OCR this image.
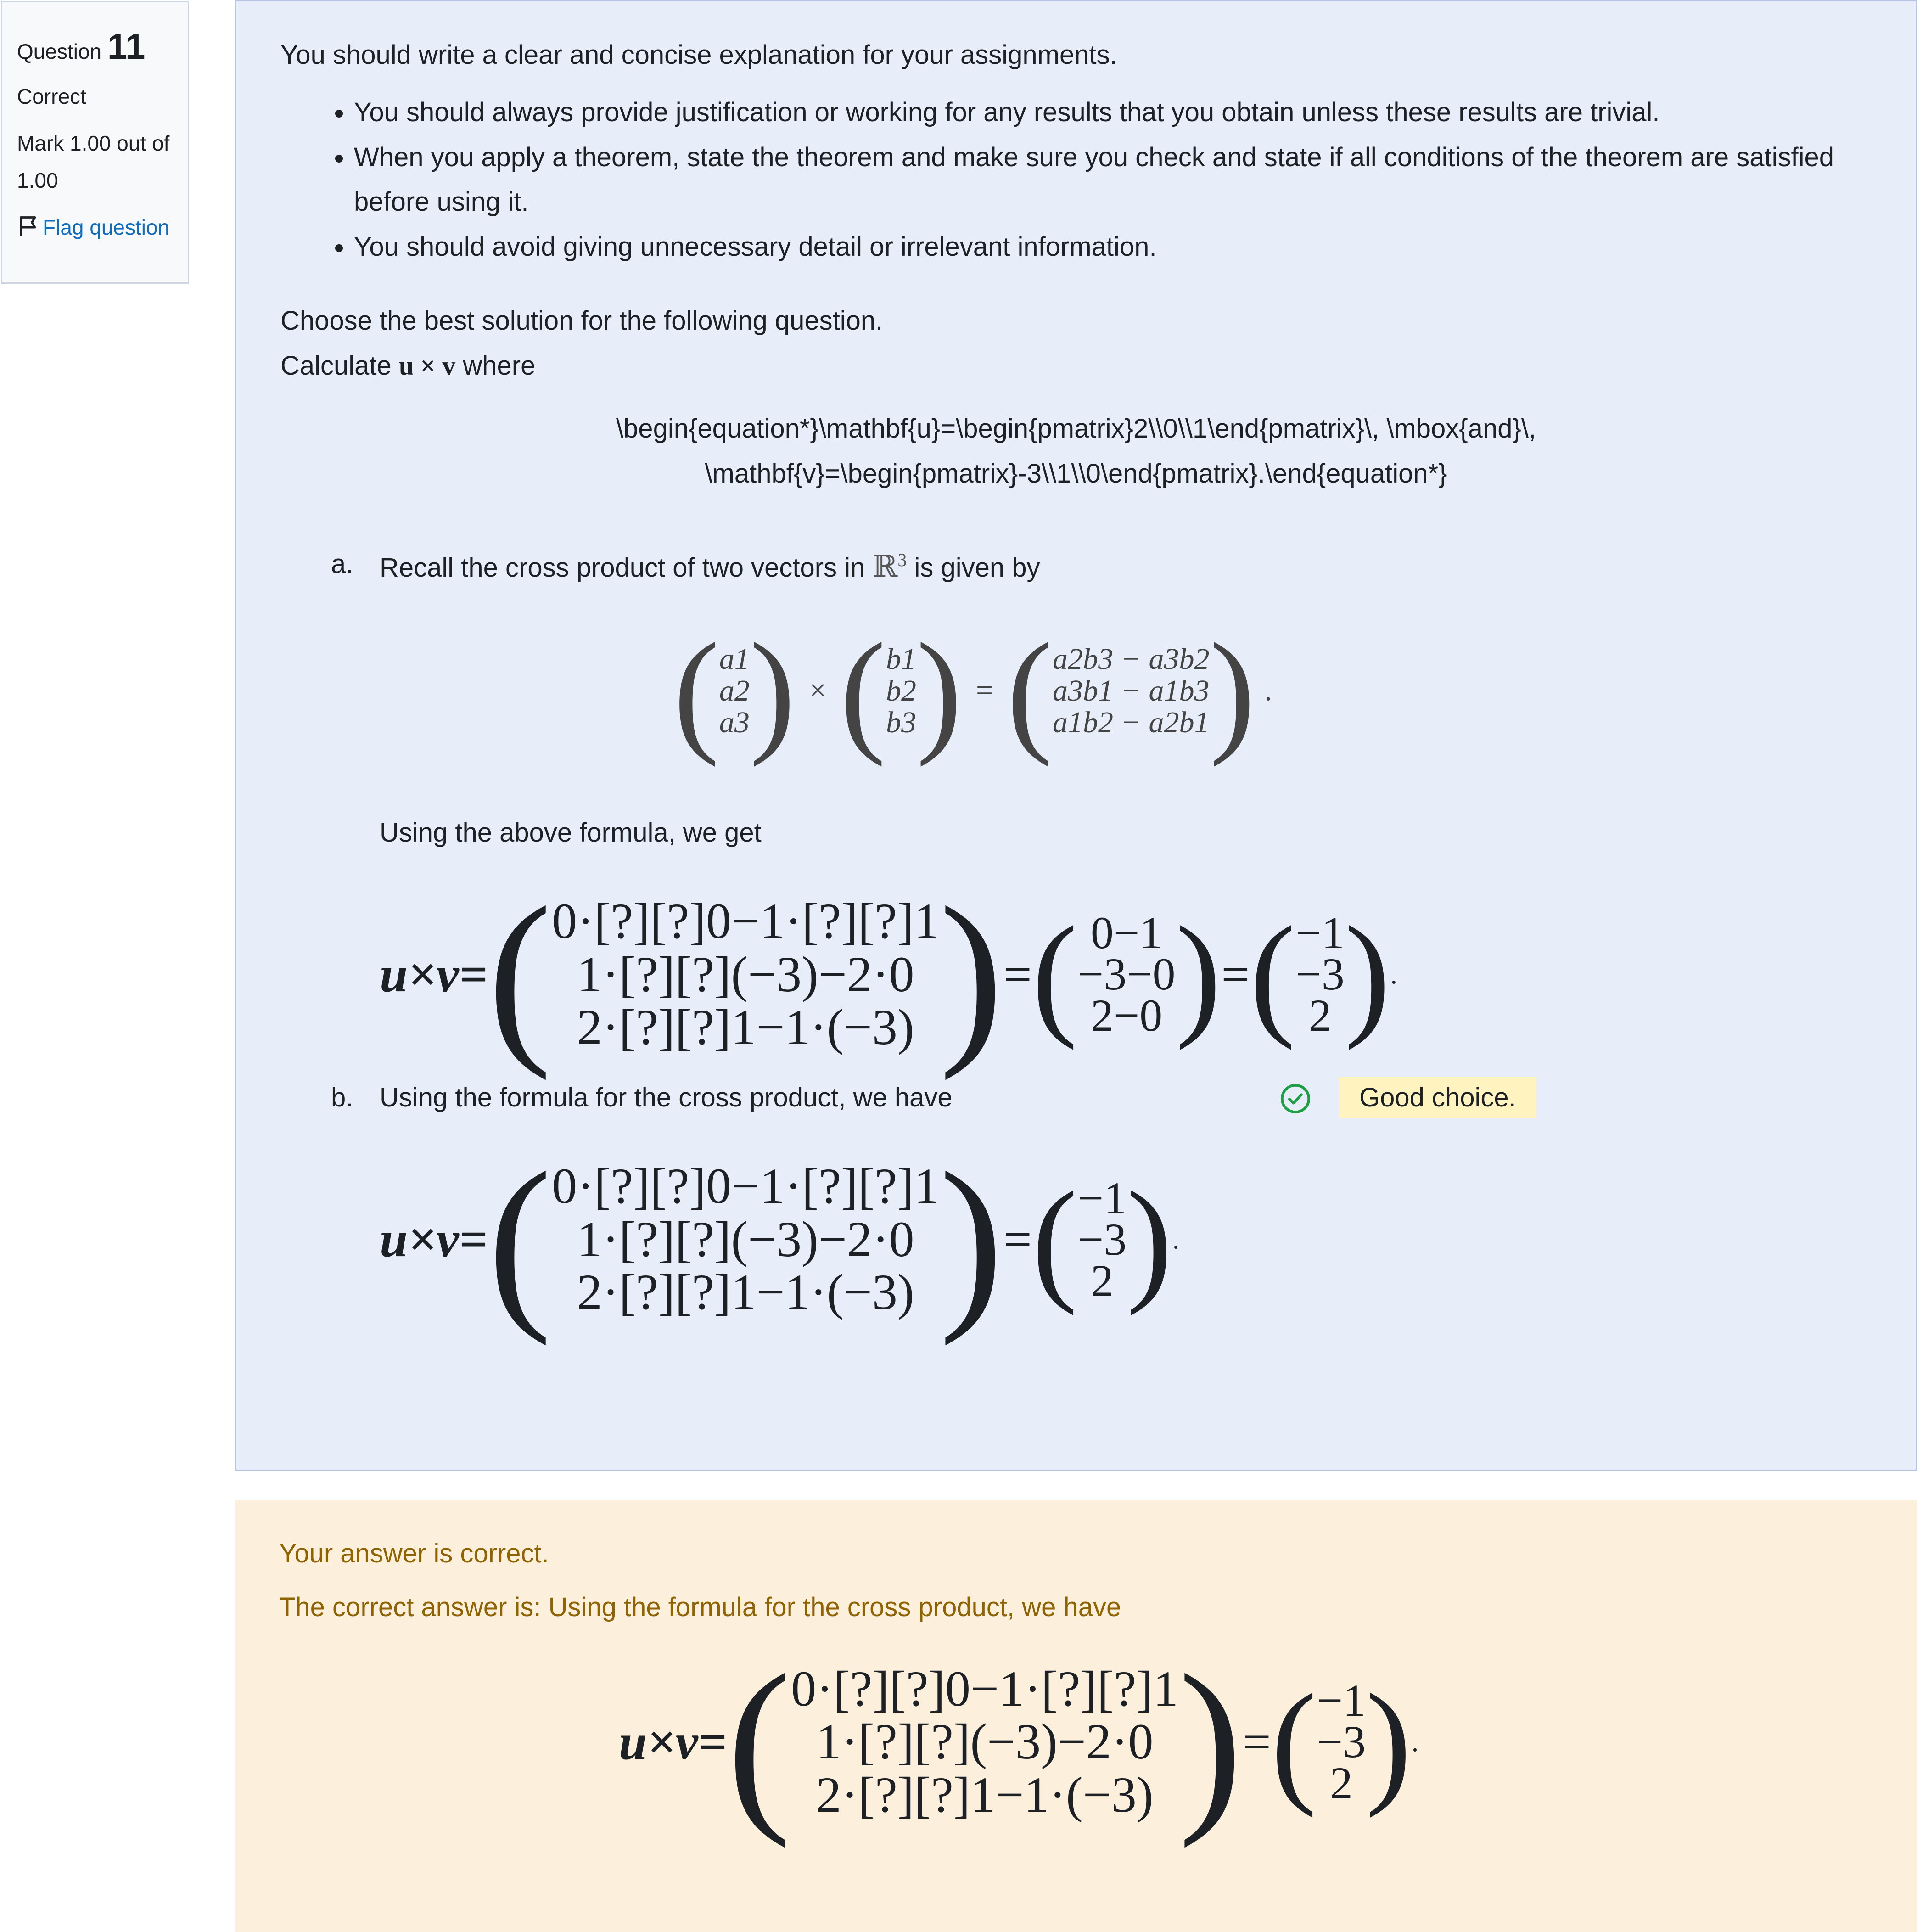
Question 11
Correct
Mark 1.00 out of 1.00
Flag question

You should write a clear and concise explanation for your assignments.

• You should always provide justification or working for any results that you obtain unless these results are trivial.
• When you apply a theorem, state the theorem and make sure you check and state if all conditions of the theorem are satisfied before using it.
• You should avoid giving unnecessary detail or irrelevant information.

Choose the best solution for the following question.

Calculate u × v where

\begin{equation*}\mathbf{u}=\begin{pmatrix}2\\0\\1\end{pmatrix}\, \mbox{and}\,
\mathbf{v}=\begin{pmatrix}-3\\1\\0\end{pmatrix}.\end{equation*}
a. Recall the cross product of two vectors in ℝ$^3$ is given by
( a1
a2
a3 ) × ( b1
b2
b3 ) = ( a2b3 − a3b2
a3b1 − a1b3
a1b2 − a2b1 ) .

Using the above formula, we get

u×v= ( 0·[?][?]0−1·[?][?]1
1·[?][?](−3)−2·0
2·[?][?]1−1·(−3) ) = ( 0−1
−3−0
2−0 ) = ( −1
−3
2 ) .
b. Using the formula for the cross product, we have	Good choice.
u×v= ( 0·[?][?]0−1·[?][?]1
1·[?][?](−3)−2·0
2·[?][?]1−1·(−3) ) = ( −1
−3
2 ) .

Your answer is correct.

The correct answer is: Using the formula for the cross product, we have

u×v= ( 0·[?][?]0−1·[?][?]1
1·[?][?](−3)−2·0
2·[?][?]1−1·(−3) ) = ( −1
−3
2 ) .
